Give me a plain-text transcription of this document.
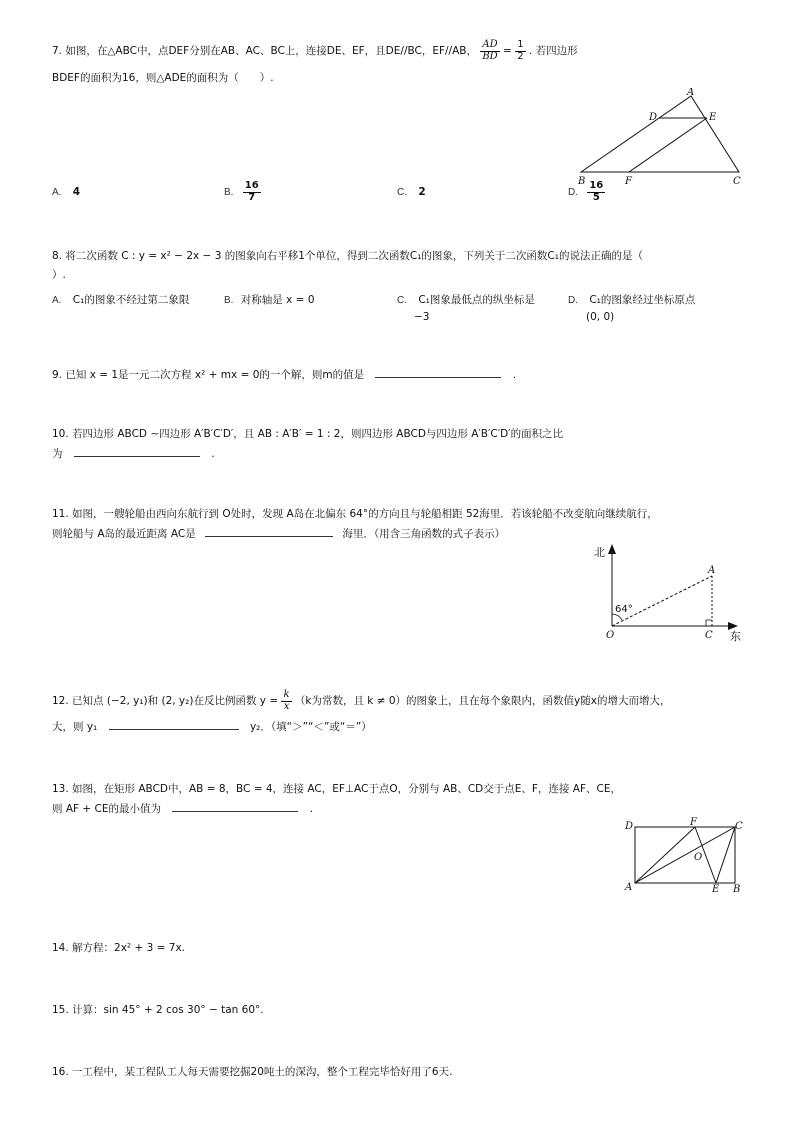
7. 如图，在△ABC中，点DEF分别在AB、AC、BC上，连接DE、EF，且DE//BC，EF//AB， $\frac{AD}{BD} = \frac{1}{2}$ . 若四边形
BDEF的面积为16，则△ADE的面积为（　　）.
A
D	E
B	F	C
A. 4	B. $\frac{16}{7}$	C. 2	D. $\frac{16}{5}$
8. 将二次函数 C : y = x² − 2x − 3 的图象向右平移1个单位，得到二次函数C₁的图象，下列关于二次函数C₁的说法正确的是（
）.
A. C₁的图象不经过第二象限	B. 对称轴是 x = 0	C. C₁图象最低点的纵坐标是
−3
D. C₁的图象经过坐标原点
(0, 0)
9. 已知 x = 1是一元二次方程 x² + mx = 0的一个解，则m的值是	.
10. 若四边形 ABCD ∼四边形 A′B′C′D′，且 AB : A′B′ = 1 : 2，则四边形 ABCD与四边形 A′B′C′D′的面积之比
为	.
11. 如图，一艘轮船由西向东航行到 O处时，发现 A岛在北偏东 64°的方向且与轮船相距 52海里．若该轮船不改变航向继续航行，
则轮船与 A岛的最近距离 AC是	海里．（用含三角函数的式子表示）
北
东
64°
A
O	C
12. 已知点 (−2, y₁)和 (2, y₂)在反比例函数 $y = \frac{k}{x} (k$为常数，且 k ≠ 0）的图象上，且在每个象限内，函数值y随x的增大而增大，
大，则 y₁	y₂．（填“＞”“＜”或“＝”）
13. 如图，在矩形 ABCD中，AB = 8，BC = 4，连接 AC，EF⊥AC于点O，分别与 AB、CD交于点E、F，连接 AF、CE，
则 AF + CE的最小值为	.
D	F	C
O
A	E B
14. 解方程：2x² + 3 = 7x.
15. 计算：sin 45° + 2 cos 30° − tan 60°.
16. 一工程中，某工程队工人每天需要挖掘20吨土的深沟，整个工程完毕恰好用了6天.
